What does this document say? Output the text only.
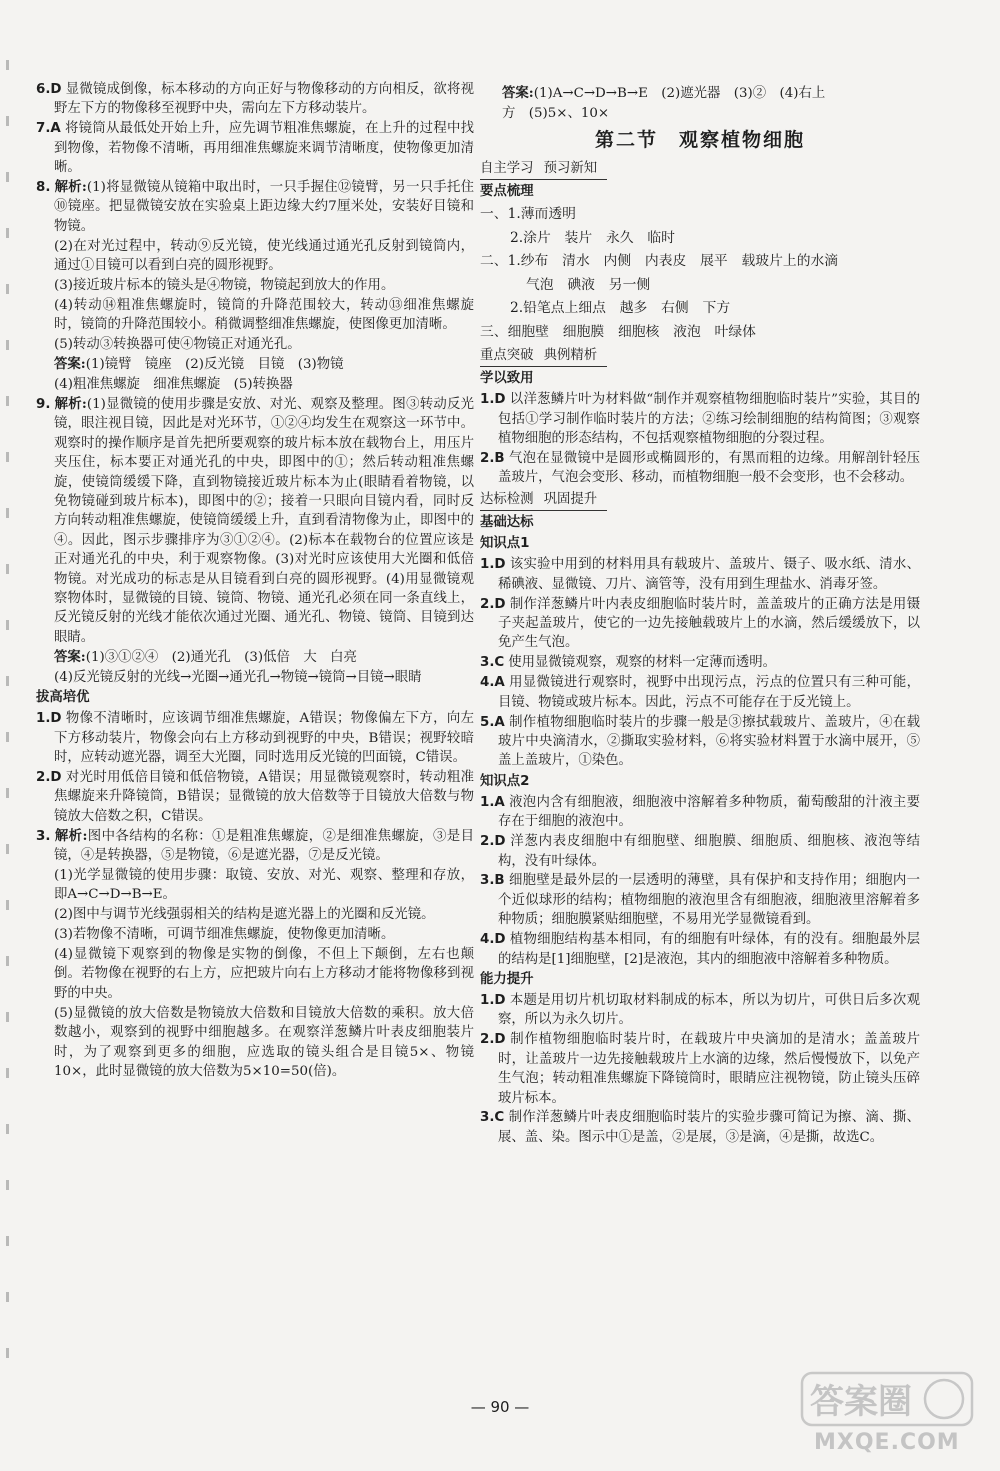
6.D 显微镜成倒像，标本移动的方向正好与物像移动的方向相反，欲将视野左下方的物像移至视野中央，需向左下方移动装片。

7.A 将镜筒从最低处开始上升，应先调节粗准焦螺旋，在上升的过程中找到物像，若物像不清晰，再用细准焦螺旋来调节清晰度，使物像更加清晰。

8. 解析:(1)将显微镜从镜箱中取出时，一只手握住⑫镜臂，另一只手托住⑩镜座。把显微镜安放在实验桌上距边缘大约7厘米处，安装好目镜和物镜。

(2)在对光过程中，转动⑨反光镜，使光线通过通光孔反射到镜筒内，通过①目镜可以看到白亮的圆形视野。

(3)接近玻片标本的镜头是④物镜，物镜起到放大的作用。

(4)转动⑭粗准焦螺旋时，镜筒的升降范围较大，转动⑬细准焦螺旋时，镜筒的升降范围较小。稍微调整细准焦螺旋，使图像更加清晰。

(5)转动③转换器可使④物镜正对通光孔。

答案:(1)镜臂　镜座　(2)反光镜　目镜　(3)物镜

(4)粗准焦螺旋　细准焦螺旋　(5)转换器

9. 解析:(1)显微镜的使用步骤是安放、对光、观察及整理。图③转动反光镜，眼注视目镜，因此是对光环节，①②④均发生在观察这一环节中。观察时的操作顺序是首先把所要观察的玻片标本放在载物台上，用压片夹压住，标本要正对通光孔的中央，即图中的①；然后转动粗准焦螺旋，使镜筒缓缓下降，直到物镜接近玻片标本为止(眼睛看着物镜，以免物镜碰到玻片标本)，即图中的②；接着一只眼向目镜内看，同时反方向转动粗准焦螺旋，使镜筒缓缓上升，直到看清物像为止，即图中的④。因此，图示步骤排序为③①②④。(2)标本在载物台的位置应该是正对通光孔的中央，利于观察物像。(3)对光时应该使用大光圈和低倍物镜。对光成功的标志是从目镜看到白亮的圆形视野。(4)用显微镜观察物体时，显微镜的目镜、镜筒、物镜、通光孔必须在同一条直线上，反光镜反射的光线才能依次通过光圈、通光孔、物镜、镜筒、目镜到达眼睛。

答案:(1)③①②④　(2)通光孔　(3)低倍　大　白亮

(4)反光镜反射的光线→光圈→通光孔→物镜→镜筒→目镜→眼睛

拔高培优

1.D 物像不清晰时，应该调节细准焦螺旋，A错误；物像偏左下方，向左下方移动装片，物像会向右上方移动到视野的中央，B错误；视野较暗时，应转动遮光器，调至大光圈，同时选用反光镜的凹面镜，C错误。

2.D 对光时用低倍目镜和低倍物镜，A错误；用显微镜观察时，转动粗准焦螺旋来升降镜筒，B错误；显微镜的放大倍数等于目镜放大倍数与物镜放大倍数之积，C错误。

3. 解析:图中各结构的名称：①是粗准焦螺旋，②是细准焦螺旋，③是目镜，④是转换器，⑤是物镜，⑥是遮光器，⑦是反光镜。

(1)光学显微镜的使用步骤：取镜、安放、对光、观察、整理和存放，即A→C→D→B→E。

(2)图中与调节光线强弱相关的结构是遮光器上的光圈和反光镜。

(3)若物像不清晰，可调节细准焦螺旋，使物像更加清晰。

(4)显微镜下观察到的物像是实物的倒像，不但上下颠倒，左右也颠倒。若物像在视野的右上方，应把玻片向右上方移动才能将物像移到视野的中央。

(5)显微镜的放大倍数是物镜放大倍数和目镜放大倍数的乘积。放大倍数越小，观察到的视野中细胞越多。在观察洋葱鳞片叶表皮细胞装片时，为了观察到更多的细胞，应选取的镜头组合是目镜5×、物镜10×，此时显微镜的放大倍数为5×10=50(倍)。

答案:(1)A→C→D→B→E　(2)遮光器　(3)②　(4)右上

方　(5)5×、10×

第二节　观察植物细胞
自主学习 预习新知
要点梳理
一、1.薄而透明
2.涂片　装片　永久　临时
二、1.纱布　清水　内侧　内表皮　展平　载玻片上的水滴
气泡　碘液　另一侧
2.铅笔点上细点　越多　右侧　下方
三、细胞壁　细胞膜　细胞核　液泡　叶绿体
重点突破 典例精析
学以致用

1.D 以洋葱鳞片叶为材料做“制作并观察植物细胞临时装片”实验，其目的包括①学习制作临时装片的方法；②练习绘制细胞的结构简图；③观察植物细胞的形态结构，不包括观察植物细胞的分裂过程。

2.B 气泡在显微镜中是圆形或椭圆形的，有黑而粗的边缘。用解剖针轻压盖玻片，气泡会变形、移动，而植物细胞一般不会变形，也不会移动。

达标检测 巩固提升
基础达标
知识点1

1.D 该实验中用到的材料用具有载玻片、盖玻片、镊子、吸水纸、清水、稀碘液、显微镜、刀片、滴管等，没有用到生理盐水、消毒牙签。

2.D 制作洋葱鳞片叶内表皮细胞临时装片时，盖盖玻片的正确方法是用镊子夹起盖玻片，使它的一边先接触载玻片上的水滴，然后缓缓放下，以免产生气泡。

3.C 使用显微镜观察，观察的材料一定薄而透明。

4.A 用显微镜进行观察时，视野中出现污点，污点的位置只有三种可能，目镜、物镜或玻片标本。因此，污点不可能存在于反光镜上。

5.A 制作植物细胞临时装片的步骤一般是③擦拭载玻片、盖玻片，④在载玻片中央滴清水，②撕取实验材料，⑥将实验材料置于水滴中展开，⑤盖上盖玻片，①染色。

知识点2

1.A 液泡内含有细胞液，细胞液中溶解着多种物质，葡萄酸甜的汁液主要存在于细胞的液泡中。

2.D 洋葱内表皮细胞中有细胞壁、细胞膜、细胞质、细胞核、液泡等结构，没有叶绿体。

3.B 细胞壁是最外层的一层透明的薄壁，具有保护和支持作用；细胞内一个近似球形的结构；植物细胞的液泡里含有细胞液，细胞液里溶解着多种物质；细胞膜紧贴细胞壁，不易用光学显微镜看到。

4.D 植物细胞结构基本相同，有的细胞有叶绿体，有的没有。细胞最外层的结构是[1]细胞壁，[2]是液泡，其内的细胞液中溶解着多种物质。

能力提升

1.D 本题是用切片机切取材料制成的标本，所以为切片，可供日后多次观察，所以为永久切片。

2.D 制作植物细胞临时装片时，在载玻片中央滴加的是清水；盖盖玻片时，让盖玻片一边先接触载玻片上水滴的边缘，然后慢慢放下，以免产生气泡；转动粗准焦螺旋下降镜筒时，眼睛应注视物镜，防止镜头压碎玻片标本。

3.C 制作洋葱鳞片叶表皮细胞临时装片的实验步骤可简记为擦、滴、撕、展、盖、染。图示中①是盖，②是展，③是滴，④是撕，故选C。

— 90 —	答案圈
MXQE.COM
